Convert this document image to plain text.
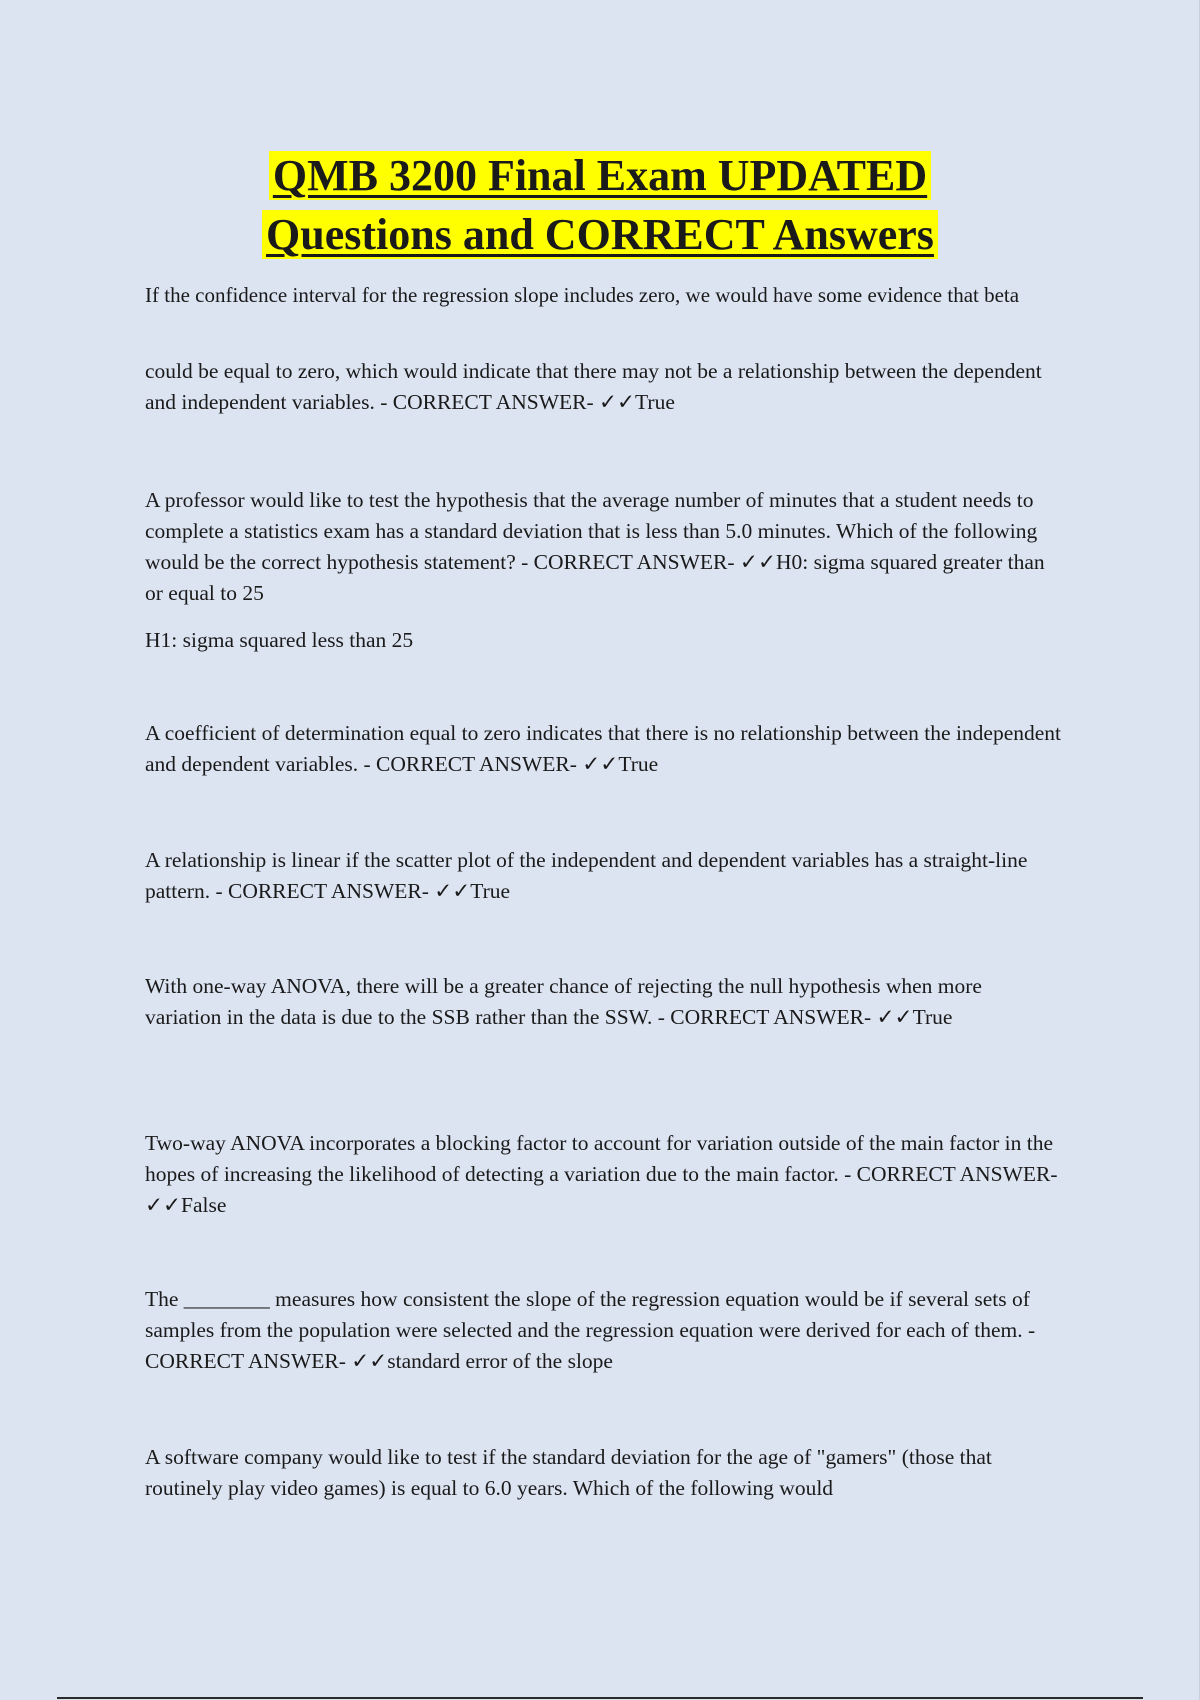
QMB 3200 Final Exam UPDATED
Questions and CORRECT Answers

If the confidence interval for the regression slope includes zero, we would have some evidence that beta

could be equal to zero, which would indicate that there may not be a relationship between the dependent and independent variables. - CORRECT ANSWER- ✓✓True

A professor would like to test the hypothesis that the average number of minutes that a student needs to complete a statistics exam has a standard deviation that is less than 5.0 minutes. Which of the following would be the correct hypothesis statement? - CORRECT ANSWER- ✓✓H0: sigma squared greater than or equal to 25

H1: sigma squared less than 25

A coefficient of determination equal to zero indicates that there is no relationship between the independent and dependent variables. - CORRECT ANSWER- ✓✓True

A relationship is linear if the scatter plot of the independent and dependent variables has a straight-line pattern. - CORRECT ANSWER- ✓✓True

With one-way ANOVA, there will be a greater chance of rejecting the null hypothesis when more variation in the data is due to the SSB rather than the SSW. - CORRECT ANSWER- ✓✓True

Two-way ANOVA incorporates a blocking factor to account for variation outside of the main factor in the hopes of increasing the likelihood of detecting a variation due to the main factor. - CORRECT ANSWER- ✓✓False

The ________ measures how consistent the slope of the regression equation would be if several sets of samples from the population were selected and the regression equation were derived for each of them. - CORRECT ANSWER- ✓✓standard error of the slope

A software company would like to test if the standard deviation for the age of "gamers" (those that routinely play video games) is equal to 6.0 years. Which of the following would
